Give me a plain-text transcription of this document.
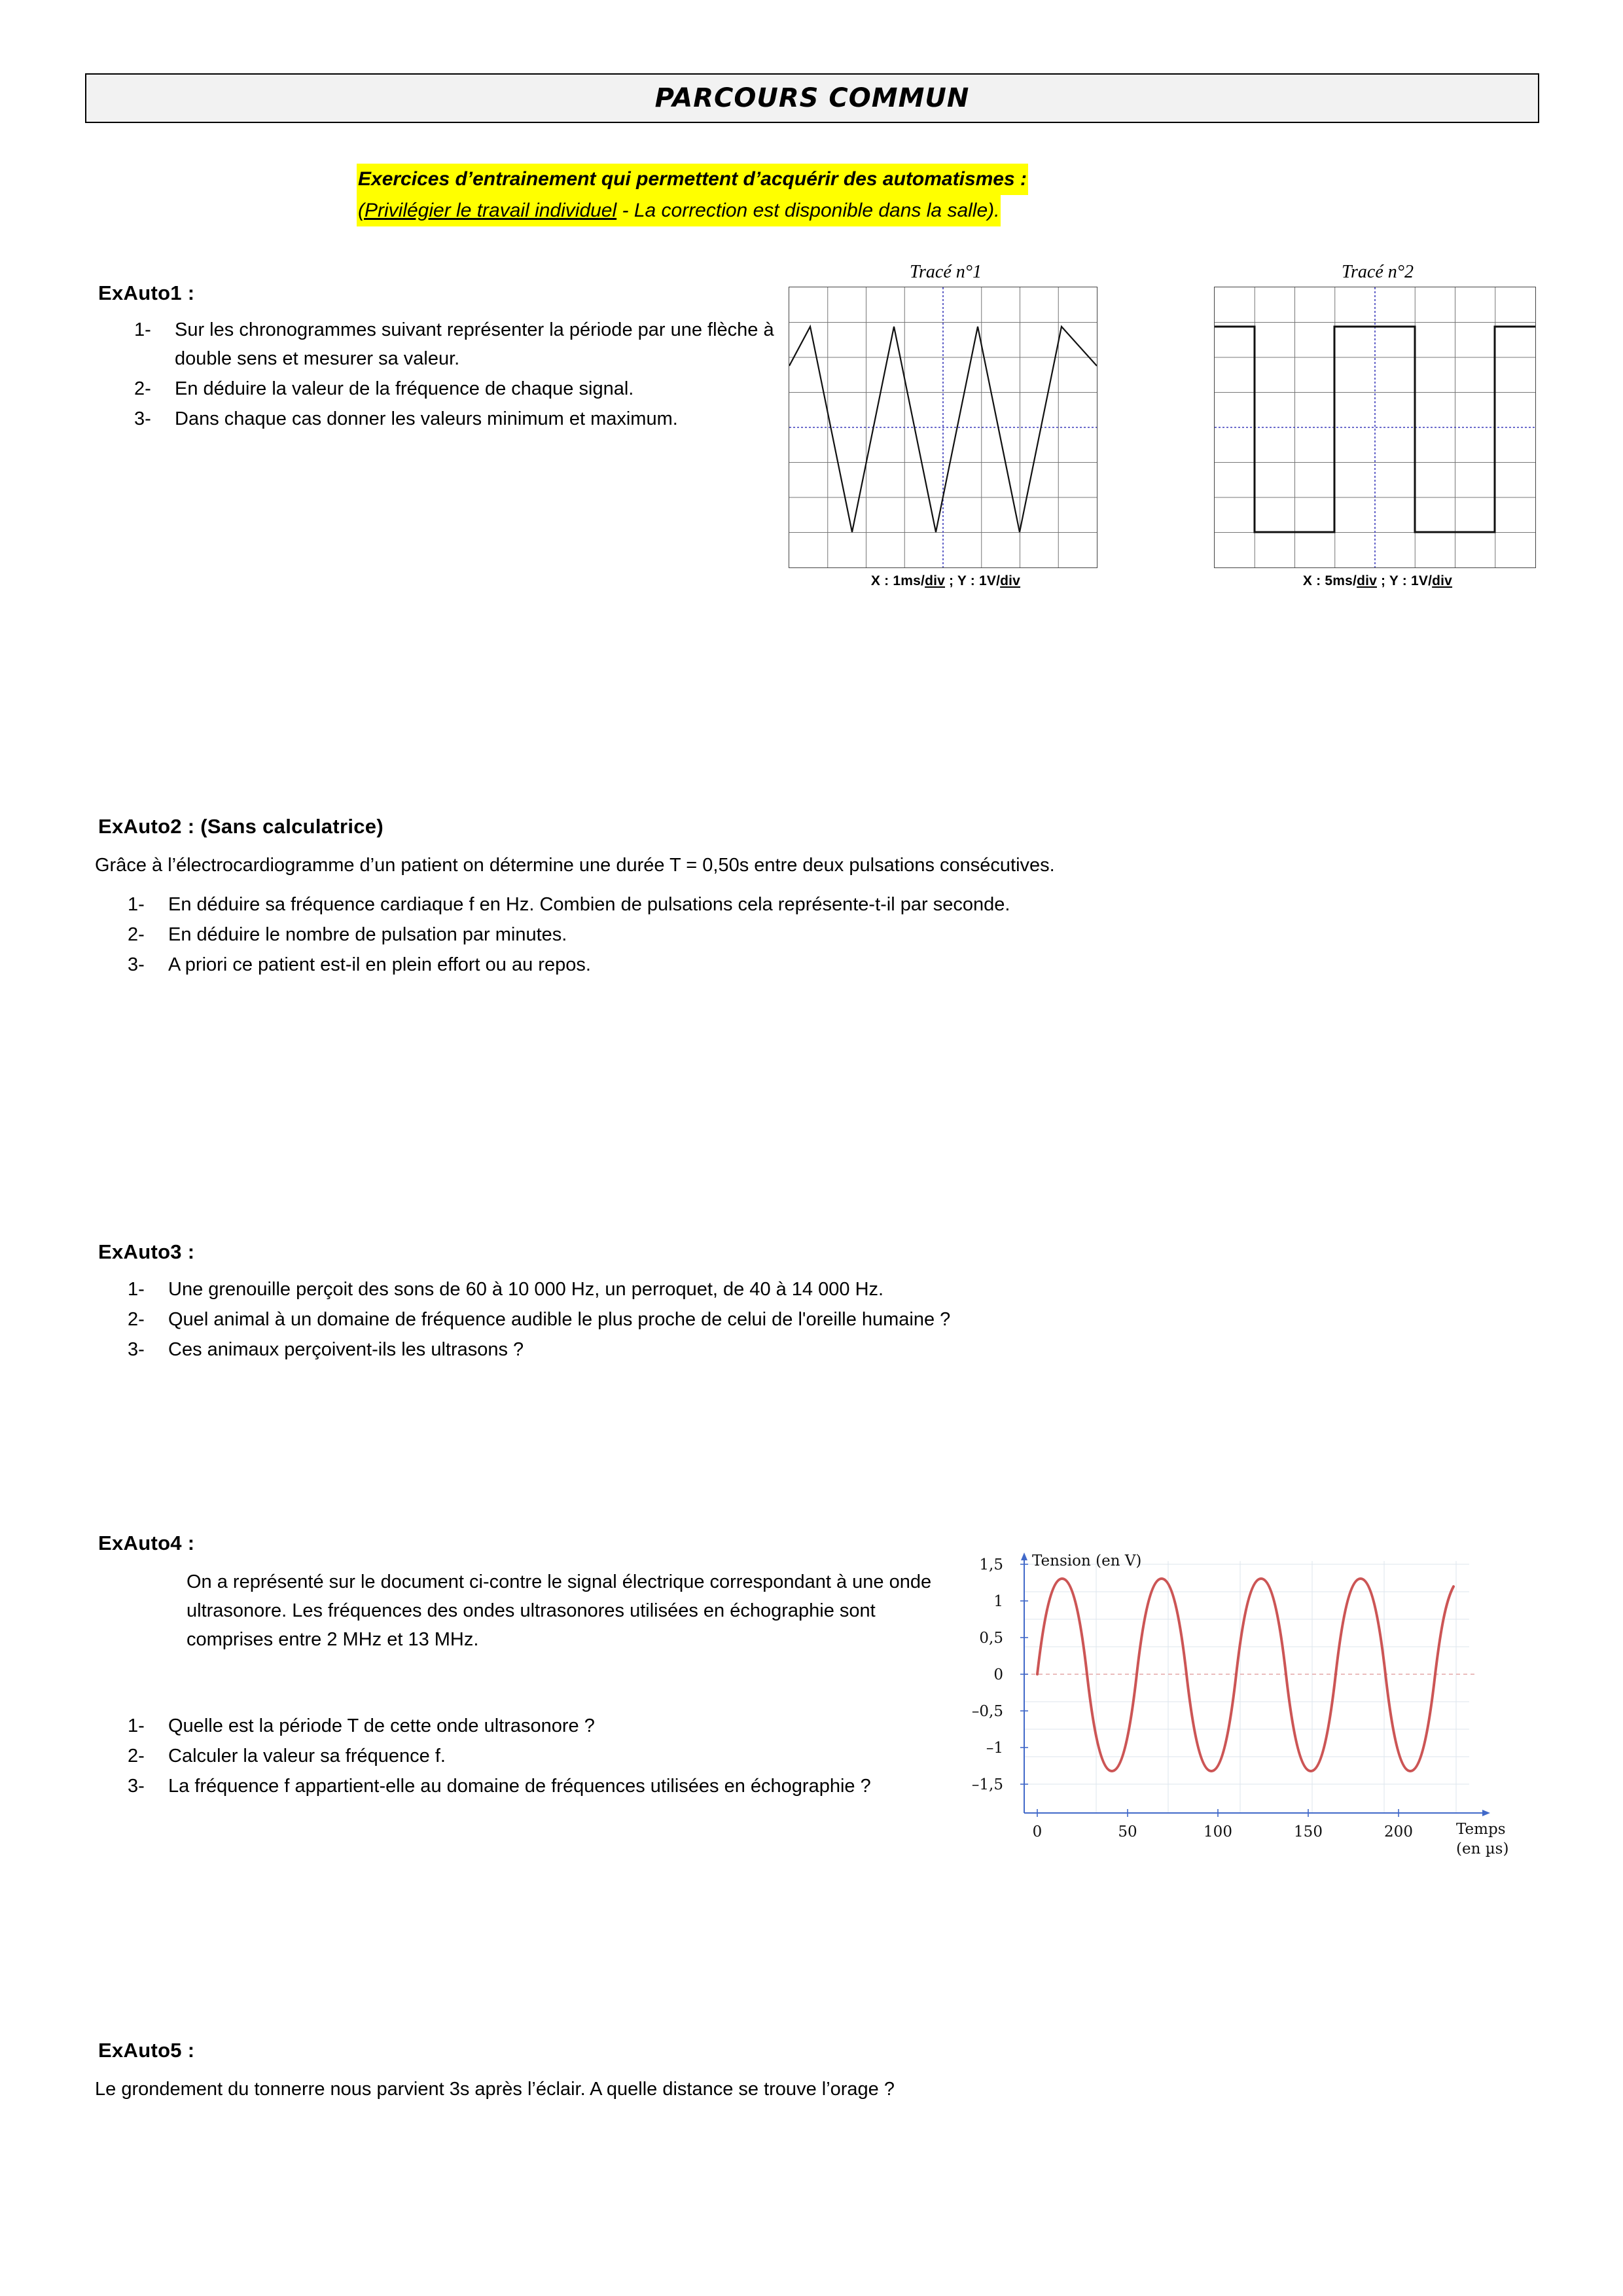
PARCOURS COMMUN
Exercices d’entrainement qui permettent d’acquérir des automatismes :
(Privilégier le travail individuel - La correction est disponible dans la salle).
ExAuto1 :
1-	Sur les chronogrammes suivant représenter la période par une flèche à double sens et mesurer sa valeur.
2-	En déduire la valeur de la fréquence de chaque signal.
3-	Dans chaque cas donner les valeurs minimum et maximum.
Tracé n°1
X : 1ms/div ; Y : 1V/div
Tracé n°2
X : 5ms/div ; Y : 1V/div
ExAuto2 : (Sans calculatrice)
Grâce à l’électrocardiogramme d’un patient on détermine une durée T = 0,50s entre deux pulsations consécutives.
1-	En déduire sa fréquence cardiaque f en Hz. Combien de pulsations cela représente-t-il par seconde.
2-	En déduire le nombre de pulsation par minutes.
3-	A priori ce patient est-il en plein effort ou au repos.
ExAuto3 :
1-	Une grenouille perçoit des sons de 60 à 10 000 Hz, un perroquet, de 40 à 14 000 Hz.
2-	Quel animal à un domaine de fréquence audible le plus proche de celui de l'oreille humaine ?
3-	Ces animaux perçoivent-ils les ultrasons ?
ExAuto4 :
On a représenté sur le document ci-contre le signal électrique correspondant à une onde ultrasonore. Les fréquences des ondes ultrasonores utilisées en échographie sont comprises entre 2 MHz et 13 MHz.
1-	Quelle est la période T de cette onde ultrasonore ?
2-	Calculer la valeur sa fréquence f.
3-	La fréquence f appartient-elle au domaine de fréquences utilisées en échographie ?
1,5
1
0,5
0
–0,5
–1
–1,5
0	50	100	150	200
Tension (en V)
Temps
(en µs)
ExAuto5 :
Le grondement du tonnerre nous parvient 3s après l’éclair. A quelle distance se trouve l’orage ?
